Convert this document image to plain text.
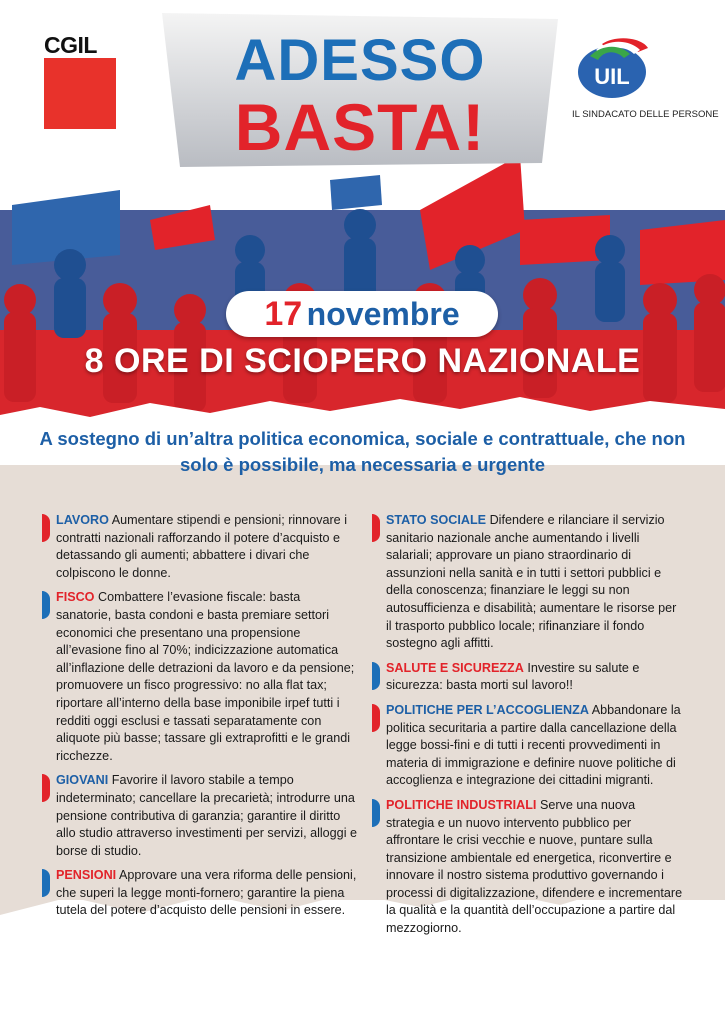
CGIL
UIL
IL SINDACATO DELLE PERSONE
ADESSO
BASTA!
17 novembre
8 ORE DI SCIOPERO NAZIONALE
A sostegno di un’altra politica economica, sociale e contrattuale, che non solo è possibile, ma necessaria e urgente
LAVORO Aumentare stipendi e pensioni; rinnovare i contratti nazionali rafforzando il potere d’acquisto e detassando gli aumenti; abbattere i divari che colpiscono le donne.
FISCO Combattere l’evasione fiscale: basta sanatorie, basta condoni e basta premiare settori economici che presentano una propensione all’evasione fino al 70%; indicizzazione automatica all’inflazione delle detrazioni da lavoro e da pensione; promuovere un fisco progressivo: no alla flat tax; riportare all’interno della base imponibile irpef tutti i redditi oggi esclusi e tassati separatamente con aliquote più basse; tassare gli extraprofitti e le grandi ricchezze.
GIOVANI Favorire il lavoro stabile a tempo indeterminato; cancellare la precarietà; introdurre una pensione contributiva di garanzia; garantire il diritto allo studio attraverso investimenti per servizi, alloggi e borse di studio.
PENSIONI Approvare una vera riforma delle pensioni, che superi la legge monti-fornero; garantire la piena tutela del potere d’acquisto delle pensioni in essere.
STATO SOCIALE Difendere e rilanciare il servizio sanitario nazionale anche aumentando i livelli salariali; approvare un piano straordinario di assunzioni nella sanità e in tutti i settori pubblici e della conoscenza; finanziare le leggi su non autosufficienza e disabilità; aumentare le risorse per il trasporto pubblico locale; rifinanziare il fondo sostegno agli affitti.
SALUTE E SICUREZZA Investire su salute e sicurezza: basta morti sul lavoro!!
POLITICHE PER L’ACCOGLIENZA Abbandonare la politica securitaria a partire dalla cancellazione della legge bossi-fini e di tutti i recenti provvedimenti in materia di immigrazione e definire nuove politiche di accoglienza e integrazione dei cittadini migranti.
POLITICHE INDUSTRIALI Serve una nuova strategia e un nuovo intervento pubblico per affrontare le crisi vecchie e nuove, puntare sulla transizione ambientale ed energetica, riconvertire e innovare il nostro sistema produttivo governando i processi di digitalizzazione, difendere e incrementare la qualità e la quantità dell’occupazione a partire dal mezzogiorno.
